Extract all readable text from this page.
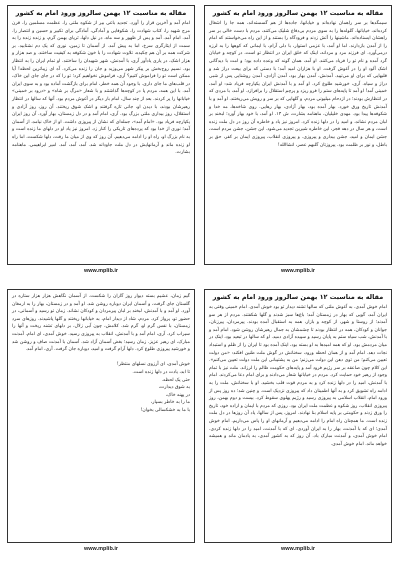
مقاله به مناسبت ۱۲ بهمن سالروز ورود امام به کشور
سیمگدها بر سر راهمان نهاده‌اند و خیابانها، جاده‌ها از هم گسسته‌اند، همه جا را اشغال کرده‌اند، خیابانها، گلوله‌ها را به سوی مردم بی‌دفاع شلیک می‌کنند، مردم با دست خالی بر سر راهشان ایستاده‌اند. ماشینها را آتش زدند و فرودگاه را بستند و از این راه می‌خواستند که امام را از آمدن بازدارند. اما او آمد، با عزمی استوار، با دلی آرام، با ایمانی که کوهها را به لرزه درمی‌آورد. ای فرزند مرد و مردانه، اینک که خلق ایران در انتظار تو است، در کوچه و خیابان گرد آمده و نام تو را فریاد می‌کنند. او آمد، همان گونه که وعده داده بود؛ و امت با دیدگانی اشک آلود او را در آغوش گرفت. او با هزاران امید آمد؛ با دستی که برای بیعت دراز شد و قلبهایی که برای او می‌تپید. آمدنش، آمدن بهار بود، آمدن آزادی، آمدن روشنایی پس از شبی دراز و سیاه. آری، خورشید طلوع کرد. او آمد و با آمدنش ایران یکپارچه فریاد شد: او آمد، خمینی آمد! او آمد تا پایه‌های ستم را فرو ریزد و پرچم استقلال را برافرازد. او آمد، با مردی که در انتظارش بودند؛ در ازدحام میلیونی مردم، و گلهایی که بر سر و رویش می‌ریختند. او آمد و با آمدنش تاریخ ورق خورد. بهار آمده بود، بهار آزادی، بهار رهایی. روی شاخه‌ها، مه خدا و شکوفه‌ها پیدا بود. مهدی خلیلیان، ماهنامه بشارت، ش ۱۳. او آمد، با خود بهار آورد؛ لبخند بر لبان مردم نشاند، و امید را در دلها زنده کرد. امروز نیز یاد و خاطره آن روز در دل ملت زنده است، و هر سال در دهه فجر، این خاطره شیرین تجدید می‌شود. این جشن، جشن مردم است، جشن ایمان و امید، جشن بیداری و پیروزی. و پیروزی انقلاب، پیروزی ایمان بر کفر، حق بر باطل، و نور بر ظلمت بود. پیروزتان گلبهم عصر، انشاالله!
www.mplib.ir
مقاله به مناسبت ۱۲ بهمن سالروز ورود امام به کشور
امام آمد و آخرین قرار را آورد. تجدید باغی بیر از شکوه ملتی را، عظمت مسلمین را، قرن مرج شهید را، کتاب شهادت را، شکوفایی و آمادگی، آمادگی برای تکبیر و حسین و انتصار را. آمد. امام آمد. آمد و پس از ظهور و سه ماه، در نیل دلها، ثریای بهمن گرم، و زنده زنده را به سمت از ایثارگری سرخ، اما به پیش آمد. از آسمان تا زمین، نوری که یک دم نشتابید. بر شرکت همه بر آن هم چکیده، تلاوت شهادت را با خون شکوفه به کیفیت ساختند. و صد هزار و هزار اشک، در یاری یادآور آری، با آمدنش، شهر شهیدان را ساختند. او تمام ایران را به انتظار بود. نسیم روح‌بخش بر پیکر شهر می‌وزید و جان را زنده می‌کرد. آه ای زیباترین لحظه! آیا ممکن است تو را فراموش کنیم؟ آری، فراموش نخواهیم کرد؛ تو را که در جای جای این خاک، در قلب‌های ما جای داری. با وجود آن همه خطر، امام برای بازگشت آماده بود و به سوی ایران آمد. با این همه، مردم پا در کوچه‌ها گذاشتند و با شعار «مرگ بر شاه» و «درود بر خمینی» خیابانها را پر کردند. بعد از چند سال، امام بار دیگر در آغوش مردم بود. آنها که سالها در انتظار رهبرشان بودند، با دیدن او، جانی تازه گرفتند و اشک شوق ریختند. آن روز، روز آزادی و استقلال، روز بیداری ملتی بزرگ بود. آری، امام آمد و در دل زمستان، بهار آورد. آن روز ایران یکپارچه فریاد بود. «امام آمد»، جمله‌ای که نشان از پیروزی داشت. او از خاک نیامد، از آسمان آمد؛ نوری از خدا بود که پرده‌های تاریکی را کنار زد. امروز نیز یاد او در دلهای ما زنده است و به نام بزرگ او، راه او را ادامه می‌دهیم. آن روز که وی از میان ما رفت، دلها شکست، اما راه او زنده ماند و آرمانهایش در دل ملت جاودانه شد. آمد، آمد، آمد. امیر ابراهیمی. ماهنامه بشارت.
www.mplib.ir
مقاله به مناسبت ۱۲ بهمن سالروز ورود امام به کشور
امام خوش آمدی. به آغوش ملتی که سالها تشنه دیدار تو بود خوش آمدی. امام خمینی وقتی به ایران آمد، گویی که بهار در زمستان آمد؛ باغ‌ها سبز شدند و گلها شکفتند. مردم از هر سو آمدند؛ از روستا و شهر، از کوچه و بازار، همه به استقبال آمده بودند. پیرمردان، پیرزنان، جوانان و کودکان، همه در انتظار بودند تا چشمشان به جمال رهبرشان روشن شود. امام آمد و با آمدنش، شب سیاه ستم به پایان رسید و سپیده آزادی دمید. او که سالها در تبعید بود، اینک در میان مردمش بود. او که همه امیدها به او بسته بود، اینک آمده بود تا ایران را از ظلم و استبداد نجات دهد. امام آمد و از همان لحظه ورود، سخنانش در گوش ملت طنین افکند: «من دولت تعیین می‌کنم؛ من توی دهن این دولت می‌زنم؛ من به پشتیبانی این ملت دولت تعیین می‌کنم». این کلام چون صاعقه بر سر رژیم فرود آمد و پایه‌های حکومت ظالم را لرزاند. ملت نیز با تمام وجود از رهبر خود حمایت کرد. مردم در خیابانها شعار می‌دادند و برای امام دعا می‌کردند. امام با آمدنش، امید را در دلها زنده کرد و به مردم قوت قلب بخشید. او با سخنانش، ملت را به ادامه راه تشویق کرد و به آنها اطمینان داد که پیروزی نزدیک است. و چنین شد؛ ده روز پس از ورود امام، انقلاب اسلامی به پیروزی رسید و رژیم پهلوی سقوط کرد. بیست و دوم بهمن، روز پیروزی انقلاب، روز شکوه و عظمت ملت ایران بود. روزی که مردم با ایمان و اراده خود، تاریخ را ورق زدند و حکومتی بر پایه اسلام بنا نهادند. امروز، پس از سالها، یاد آن روزها در دل ملت زنده است. ما همچنان راه امام را ادامه می‌دهیم و آرمانهای او را پاس می‌داریم. امام خوش آمدی؛ ای که با آمدنت، بهار را به ایران آوردی. ای که با آمدنت، امید را در دلها زنده کردی. امام خوش آمدی، و آمدنت مبارک باد. آن روز که به کشور آمدی، به یادمان ماند و همیشه خواهد ماند. امام خوش آمدی.
www.mplib.ir
گیم زمان، عشیم بسته دیوار روز گاران را شکست. از آسمان نگاهش هزار هزار ستاره در گلستان جای گرفت، و آسمان ایران دوباره روشن شد. او آمد و در زمستان، بهار را به ارمغان آورد. او آمد و با آمدنش، لبخند بر لبان پیرمردان و کودکان نشاند. زمان تو رسید و آسمانی، در حضور تو، پرواز کرد. مردم، شاد از دیدار امام، به خیابانها ریختند و گلها پاشیدند. روزهای سرد زمستان، با نفس گرم او، گرم شد. کلامش، چون آبی زلال، بر دلهای تشنه ریخت و آنها را سیراب کرد. آری، امام آمد و با آمدنش، انقلاب به پیروزی رسید. خوش آمدی، ای امام. آمدنت مبارک، ای رهبر عزیز. زمان رسید؛ بغض آسمان آزاد شد. آسمان با آمدنت صاف و روشن شد و خورشید پیروزی طلوع کرد. دلها آرام گرفت و امید، دوباره جان گرفت. آری، امام آمد.

خوش آمدی، ای آرزوی نسلهای منتظر!
تا ابد، یادت در دلها زنده است.
حتی یک لحظه.
به شوق دیدارت،
در پهنه خاک،
ما را به خاطر بسپار،
با ما به خشکسالی بخوان!
www.mplib.ir
